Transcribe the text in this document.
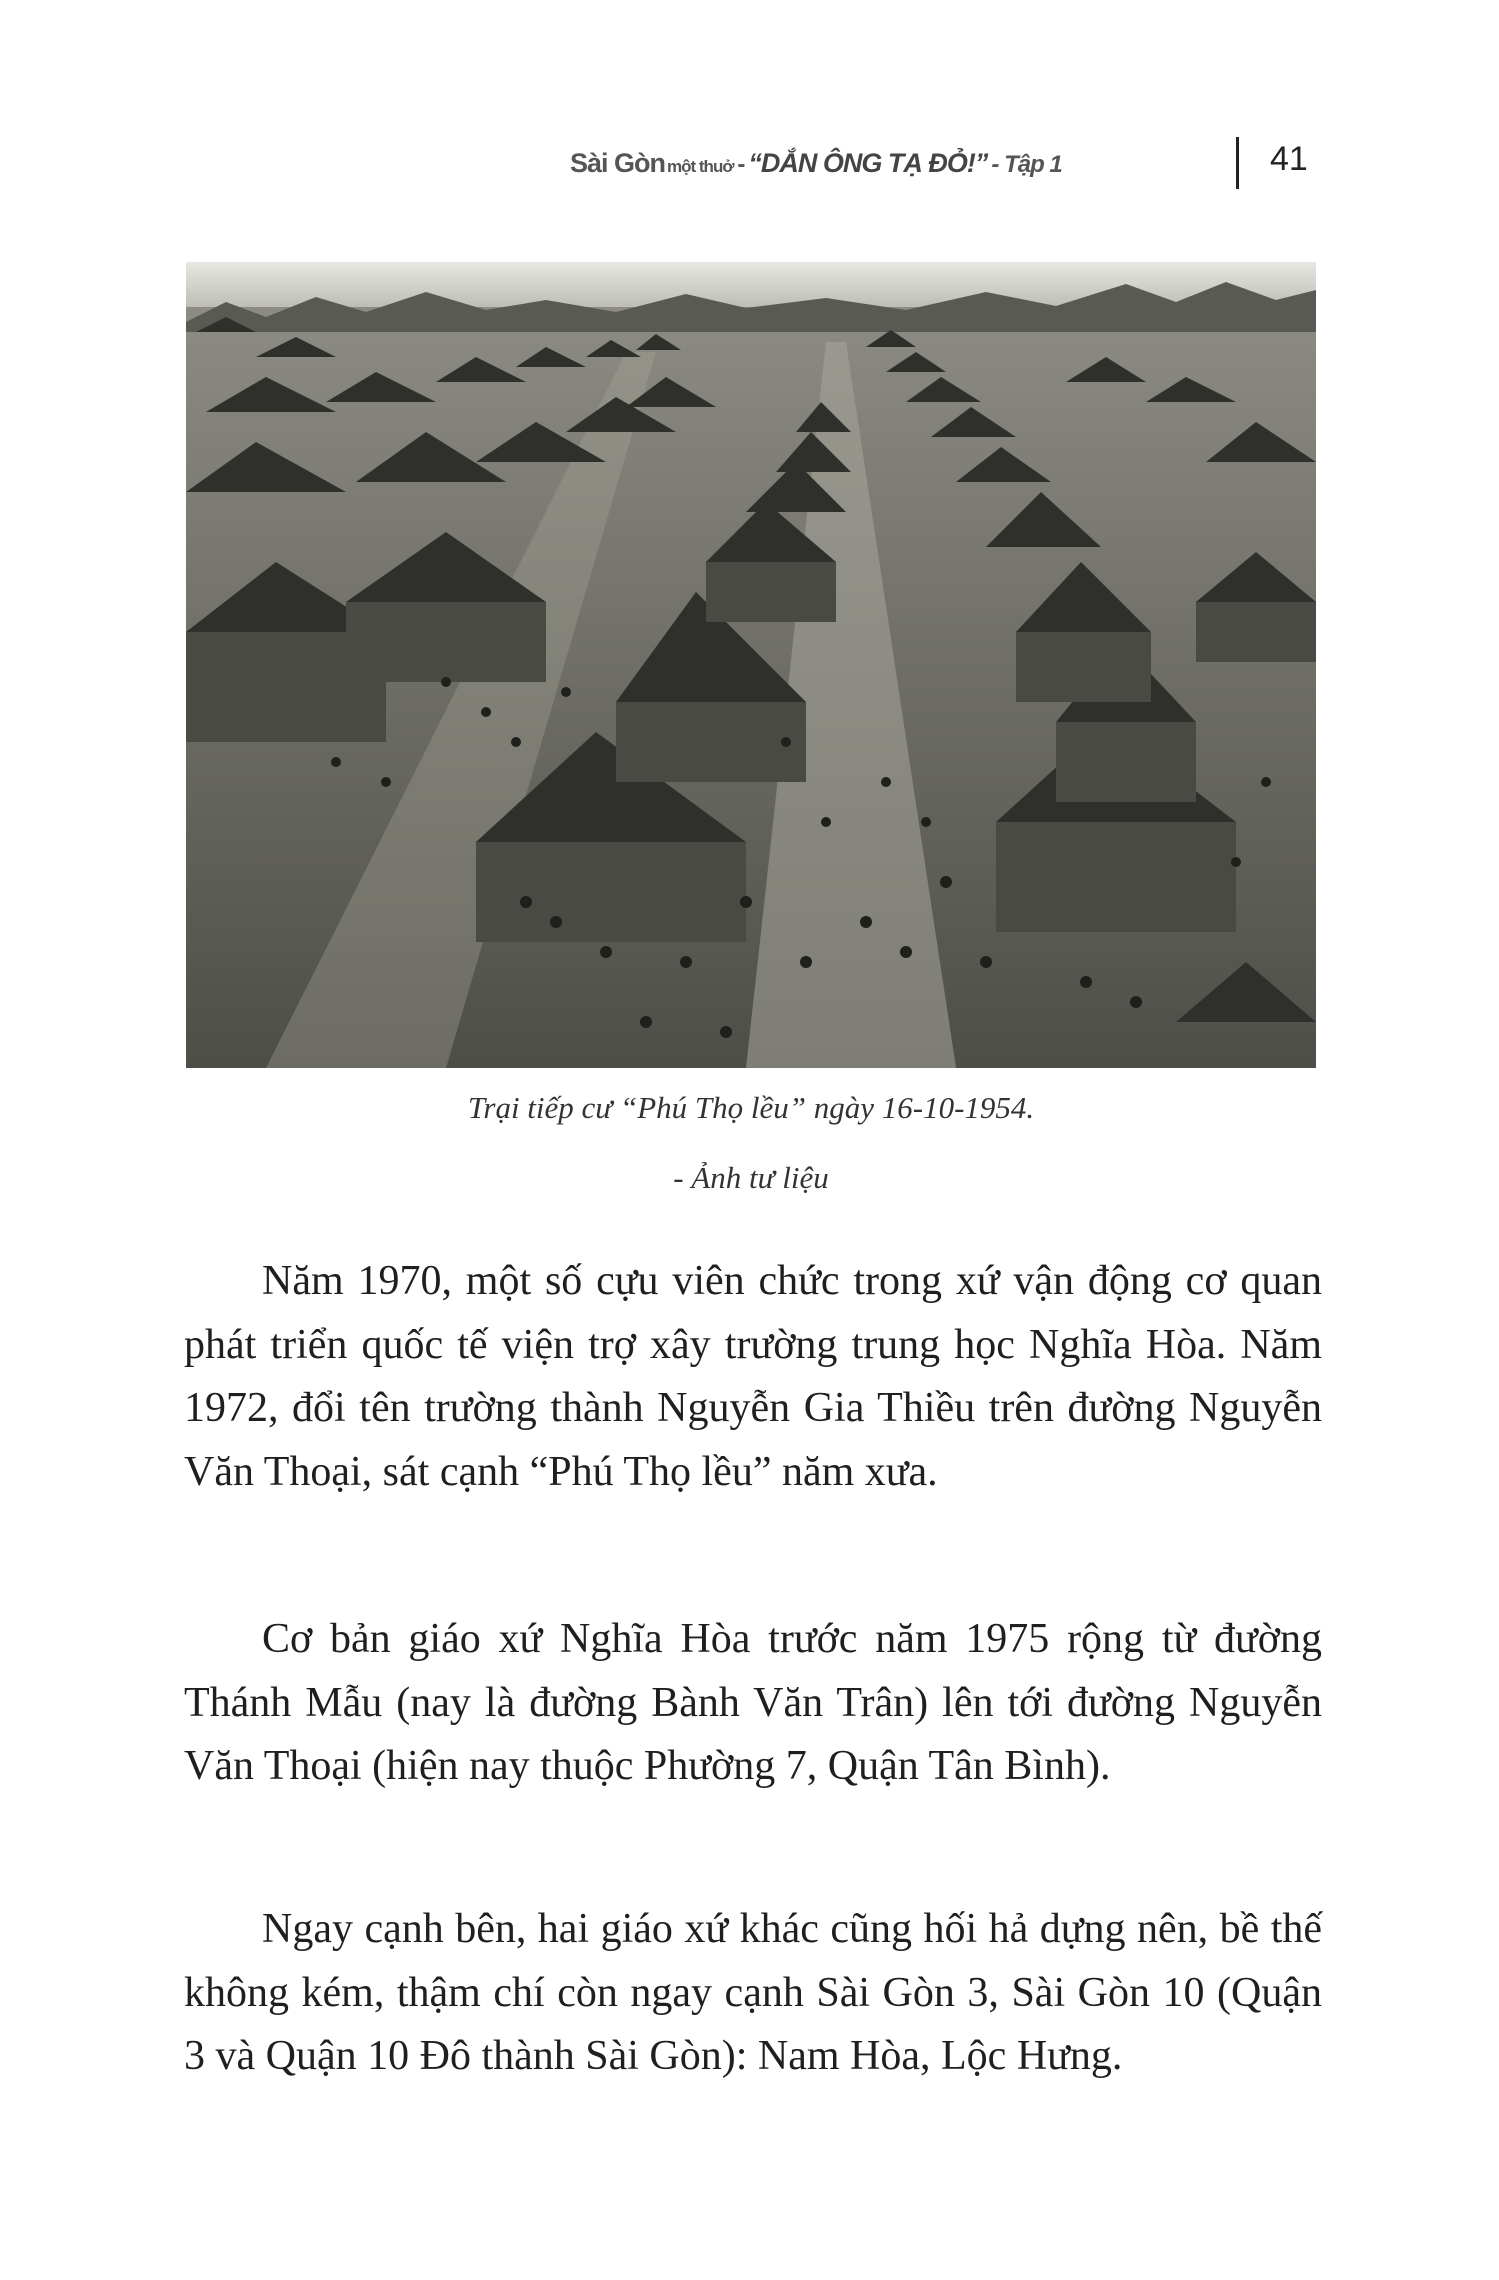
Sài Gòn một thuở - “DẮN ÔNG TẠ ĐỎ!” - Tập 1	41
Trại tiếp cư “Phú Thọ lều” ngày 16-10-1954.
- Ảnh tư liệu

Năm 1970, một số cựu viên chức trong xứ vận động cơ quan phát triển quốc tế viện trợ xây trường trung học Nghĩa Hòa. Năm 1972, đổi tên trường thành Nguyễn Gia Thiều trên đường Nguyễn Văn Thoại, sát cạnh “Phú Thọ lều” năm xưa.

Cơ bản giáo xứ Nghĩa Hòa trước năm 1975 rộng từ đường Thánh Mẫu (nay là đường Bành Văn Trân) lên tới đường Nguyễn Văn Thoại (hiện nay thuộc Phường 7, Quận Tân Bình).

Ngay cạnh bên, hai giáo xứ khác cũng hối hả dựng nên, bề thế không kém, thậm chí còn ngay cạnh Sài Gòn 3, Sài Gòn 10 (Quận 3 và Quận 10 Đô thành Sài Gòn): Nam Hòa, Lộc Hưng.
